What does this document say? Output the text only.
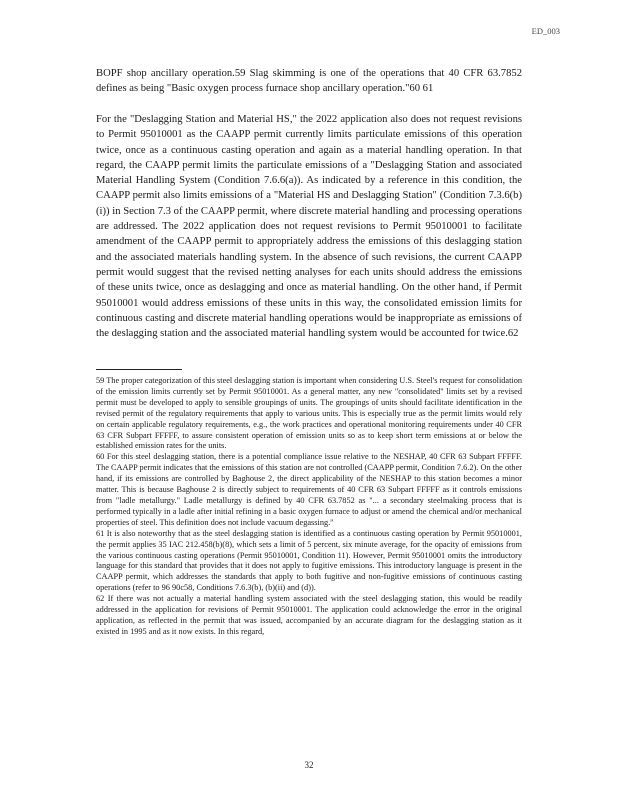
ED_003

BOPF shop ancillary operation.59 Slag skimming is one of the operations that 40 CFR 63.7852 defines as being "Basic oxygen process furnace shop ancillary operation."60 61

For the "Deslagging Station and Material HS," the 2022 application also does not request revisions to Permit 95010001 as the CAAPP permit currently limits particulate emissions of this operation twice, once as a continuous casting operation and again as a material handling operation. In that regard, the CAAPP permit limits the particulate emissions of a "Deslagging Station and associated Material Handling System (Condition 7.6.6(a)). As indicated by a reference in this condition, the CAAPP permit also limits emissions of a "Material HS and Deslagging Station" (Condition 7.3.6(b)(i)) in Section 7.3 of the CAAPP permit, where discrete material handling and processing operations are addressed. The 2022 application does not request revisions to Permit 95010001 to facilitate amendment of the CAAPP permit to appropriately address the emissions of this deslagging station and the associated materials handling system. In the absence of such revisions, the current CAAPP permit would suggest that the revised netting analyses for each units should address the emissions of these units twice, once as deslagging and once as material handling. On the other hand, if Permit 95010001 would address emissions of these units in this way, the consolidated emission limits for continuous casting and discrete material handling operations would be inappropriate as emissions of the deslagging station and the associated material handling system would be accounted for twice.62

59 The proper categorization of this steel deslagging station is important when considering U.S. Steel's request for consolidation of the emission limits currently set by Permit 95010001. As a general matter, any new "consolidated" limits set by a revised permit must be developed to apply to sensible groupings of units. The groupings of units should facilitate identification in the revised permit of the regulatory requirements that apply to various units. This is especially true as the permit limits would rely on certain applicable regulatory requirements, e.g., the work practices and operational monitoring requirements under 40 CFR 63 CFR Subpart FFFFF, to assure consistent operation of emission units so as to keep short term emissions at or below the established emission rates for the units.

60 For this steel deslagging station, there is a potential compliance issue relative to the NESHAP, 40 CFR 63 Subpart FFFFF. The CAAPP permit indicates that the emissions of this station are not controlled (CAAPP permit, Condition 7.6.2). On the other hand, if its emissions are controlled by Baghouse 2, the direct applicability of the NESHAP to this station becomes a minor matter. This is because Baghouse 2 is directly subject to requirements of 40 CFR 63 Subpart FFFFF as it controls emissions from "ladle metallurgy." Ladle metallurgy is defined by 40 CFR 63.7852 as "... a secondary steelmaking process that is performed typically in a ladle after initial refining in a basic oxygen furnace to adjust or amend the chemical and/or mechanical properties of steel. This definition does not include vacuum degassing."

61 It is also noteworthy that as the steel deslagging station is identified as a continuous casting operation by Permit 95010001, the permit applies 35 IAC 212.458(b)(8), which sets a limit of 5 percent, six minute average, for the opacity of emissions from the various continuous casting operations (Permit 95010001, Condition 11). However, Permit 95010001 omits the introductory language for this standard that provides that it does not apply to fugitive emissions. This introductory language is present in the CAAPP permit, which addresses the standards that apply to both fugitive and non-fugitive emissions of continuous casting operations (refer to 96 90c58, Conditions 7.6.3(b), (b)(ii) and (d)).

62 If there was not actually a material handling system associated with the steel deslagging station, this would be readily addressed in the application for revisions of Permit 95010001. The application could acknowledge the error in the original application, as reflected in the permit that was issued, accompanied by an accurate diagram for the deslagging station as it existed in 1995 and as it now exists. In this regard,

32
